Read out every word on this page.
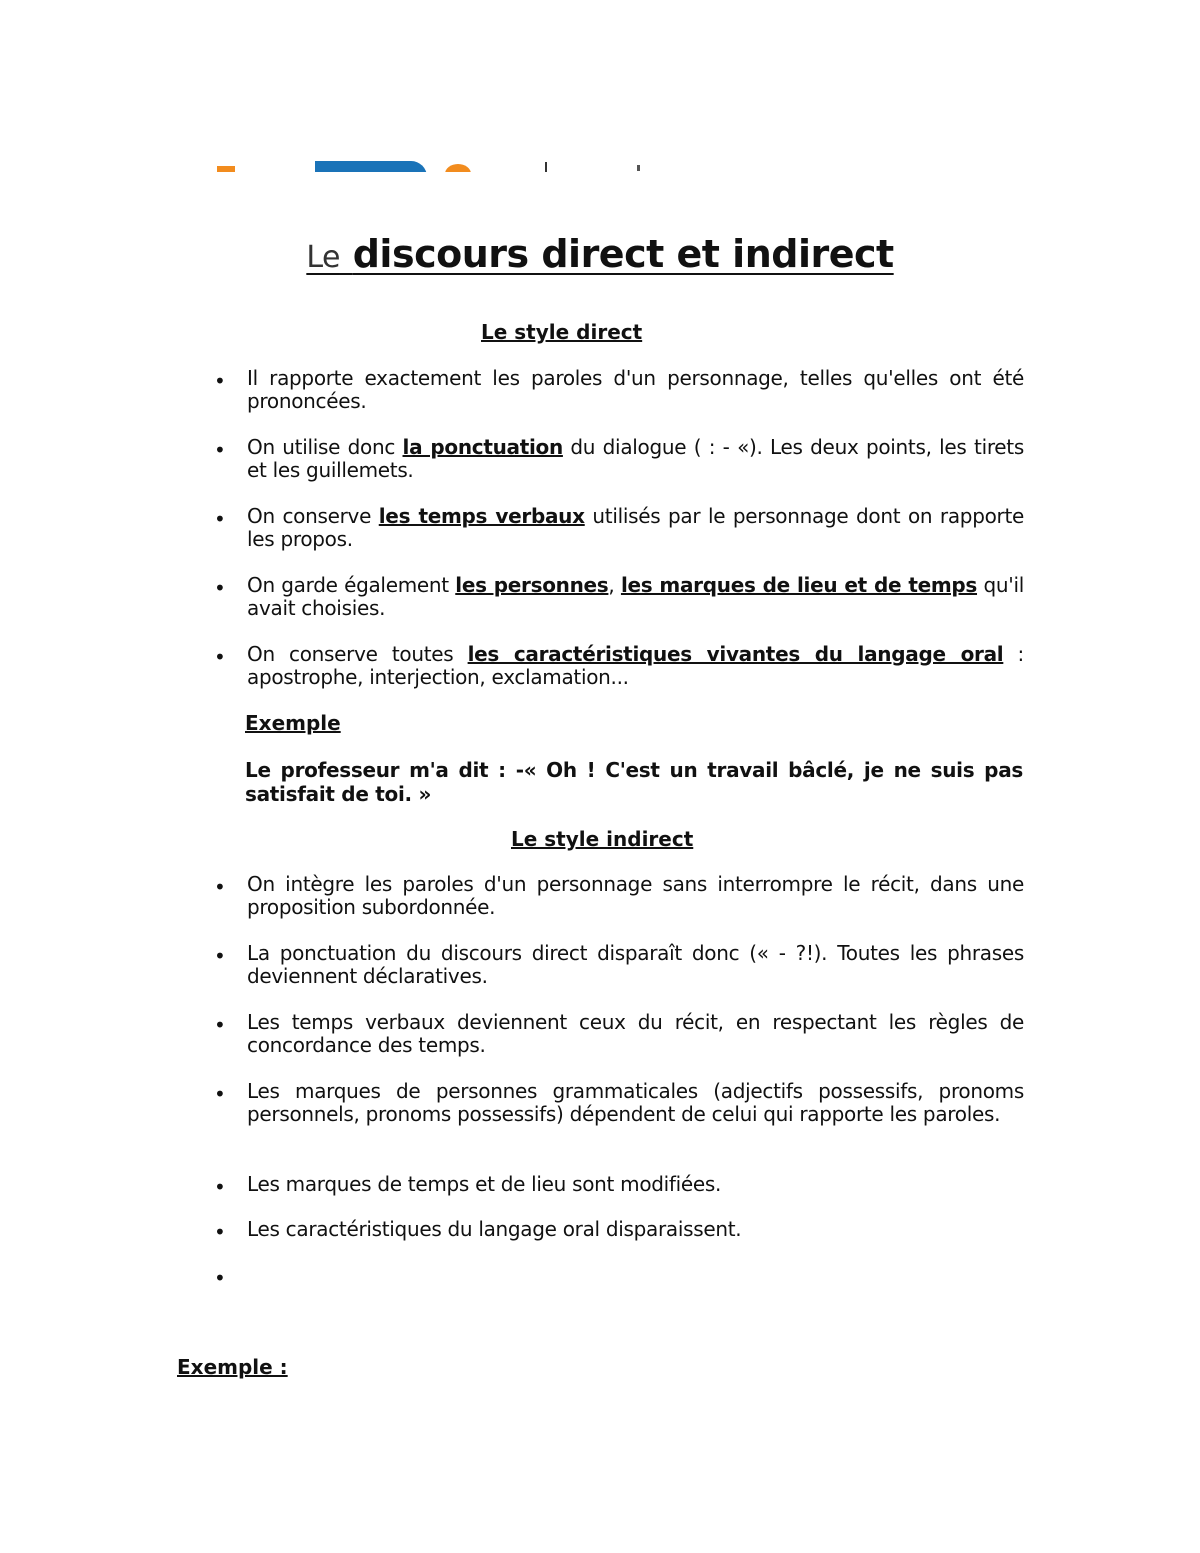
Le discours direct et indirect
Le style direct
• Il rapporte exactement les paroles d'un personnage, telles qu'elles ont été prononcées.
• On utilise donc la ponctuation du dialogue ( : - «). Les deux points, les tirets et les guillemets.
• On conserve les temps verbaux utilisés par le personnage dont on rapporte les propos.
• On garde également les personnes, les marques de lieu et de temps qu'il avait choisies.
• On conserve toutes les caractéristiques vivantes du langage oral : apostrophe, interjection, exclamation...
Exemple
Le professeur m'a dit : -« Oh ! C'est un travail bâclé, je ne suis pas satisfait de toi. »
Le style indirect
• On intègre les paroles d'un personnage sans interrompre le récit, dans une proposition subordonnée.
• La ponctuation du discours direct disparaît donc (« - ?!). Toutes les phrases deviennent déclaratives.
• Les temps verbaux deviennent ceux du récit, en respectant les règles de concordance des temps.
• Les marques de personnes grammaticales (adjectifs possessifs, pronoms personnels, pronoms possessifs) dépendent de celui qui rapporte les paroles.
• Les marques de temps et de lieu sont modifiées.
• Les caractéristiques du langage oral disparaissent.
•
Exemple :
